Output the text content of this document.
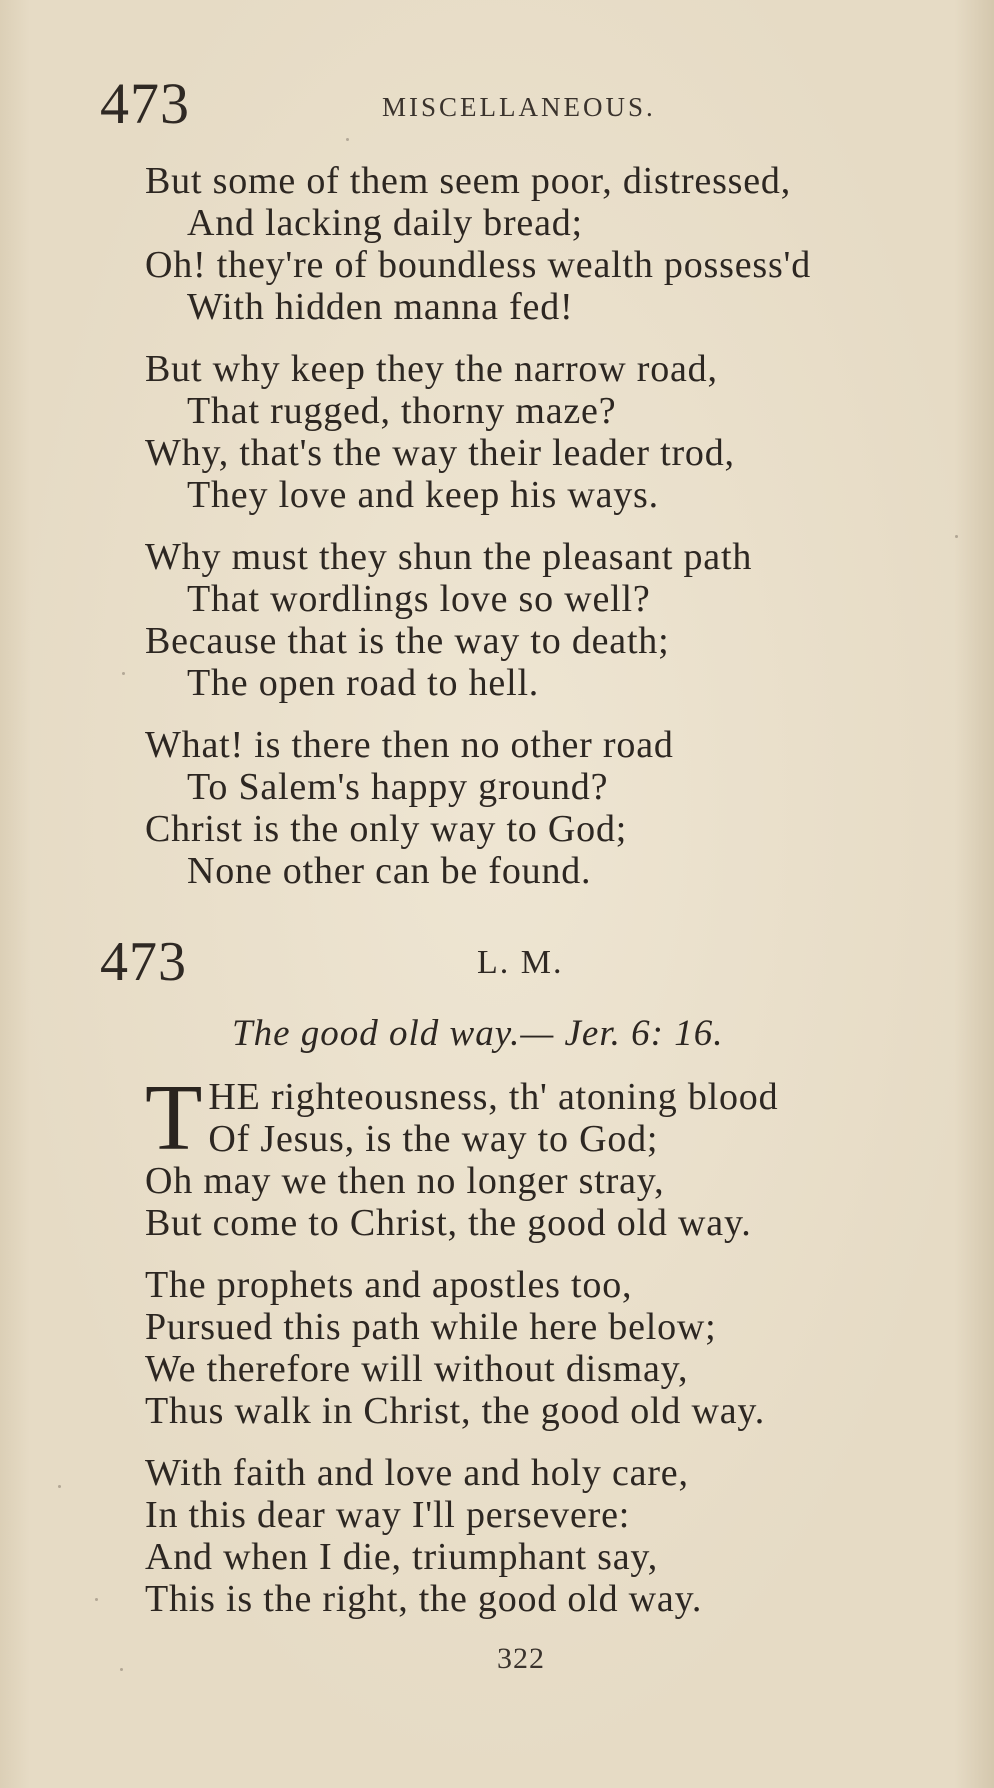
473	MISCELLANEOUS.
But some of them seem poor, distressed,
And lacking daily bread;
Oh! they're of boundless wealth possess'd
With hidden manna fed!
But why keep they the narrow road,
That rugged, thorny maze?
Why, that's the way their leader trod,
They love and keep his ways.
Why must they shun the pleasant path
That wordlings love so well?
Because that is the way to death;
The open road to hell.
What! is there then no other road
To Salem's happy ground?
Christ is the only way to God;
None other can be found.
473	L. M.
The good old way.— Jer. 6: 16.
T HE righteousness, th' atoning blood
Of Jesus, is the way to God;
Oh may we then no longer stray,
But come to Christ, the good old way.
The prophets and apostles too,
Pursued this path while here below;
We therefore will without dismay,
Thus walk in Christ, the good old way.
With faith and love and holy care,
In this dear way I'll persevere:
And when I die, triumphant say,
This is the right, the good old way.
322
